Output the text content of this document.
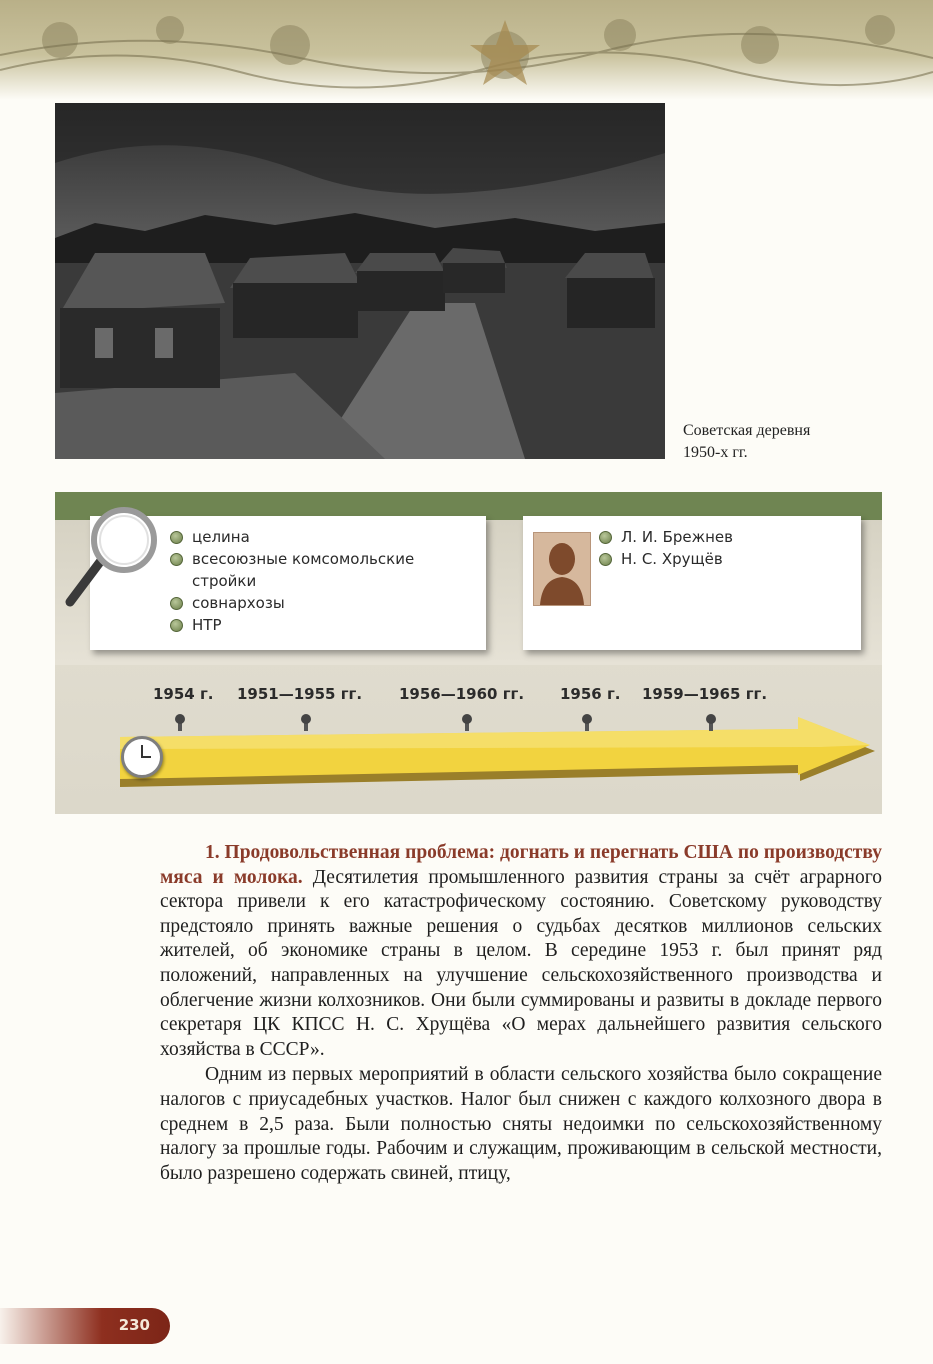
Советская деревня
1950-х гг.
целина
всесоюзные комсомольские
стройки
совнархозы
НТР
Л. И. Брежнев
Н. С. Хрущёв
1954 г. 1951—1955 гг. 1956—1960 гг. 1956 г. 1959—1965 гг.

1. Продовольственная проблема: догнать и перегнать США по производству мяса и молока. Десятилетия промышленного развития страны за счёт аграрного сектора привели к его катастрофическому состоянию. Советскому руководству предстояло принять важные решения о судьбах десятков миллионов сельских жителей, об экономике страны в целом. В середине 1953 г. был принят ряд положений, направленных на улучшение сельскохозяйственного производства и облегчение жизни колхозников. Они были суммированы и развиты в докладе первого секретаря ЦК КПСС Н. С. Хрущёва «О мерах дальнейшего развития сельского хозяйства в СССР».

Одним из первых мероприятий в области сельского хозяйства было сокращение налогов с приусадебных участков. Налог был снижен с каждого колхозного двора в среднем в 2,5 раза. Были полностью сняты недоимки по сельскохозяйственному налогу за прошлые годы. Рабочим и служащим, проживающим в сельской местности, было разрешено содержать свиней, птицу,

230
